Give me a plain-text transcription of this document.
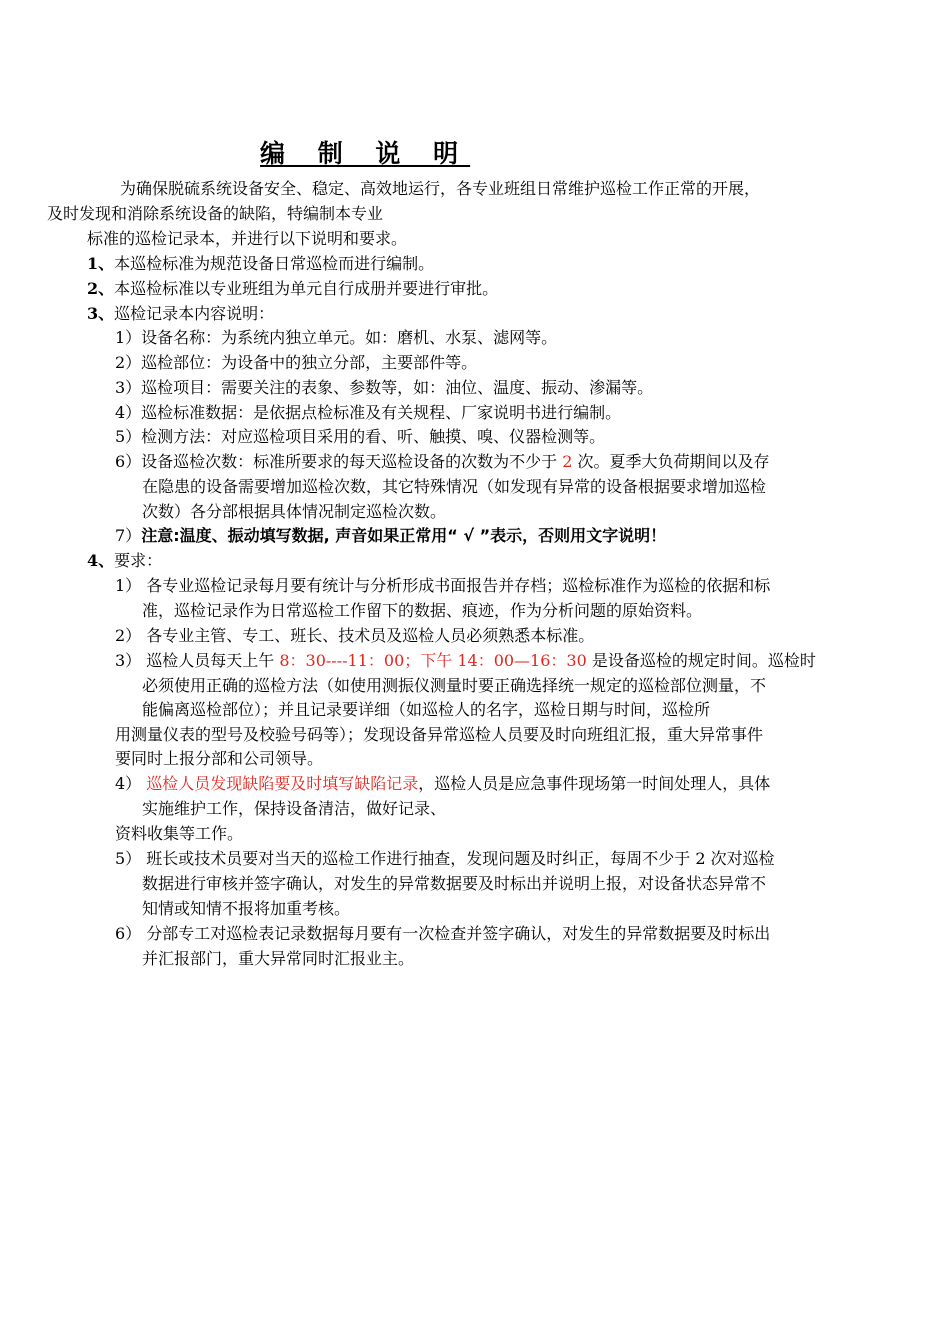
编 制 说 明
为确保脱硫系统设备安全、稳定、高效地运行，各专业班组日常维护巡检工作正常的开展，
及时发现和消除系统设备的缺陷，特编制本专业
标准的巡检记录本，并进行以下说明和要求。
1、本巡检标准为规范设备日常巡检而进行编制。
2、本巡检标准以专业班组为单元自行成册并要进行审批。
3、巡检记录本内容说明：
1）设备名称：为系统内独立单元。如：磨机、水泵、滤网等。
2）巡检部位：为设备中的独立分部，主要部件等。
3）巡检项目：需要关注的表象、参数等，如：油位、温度、振动、渗漏等。
4）巡检标准数据：是依据点检标准及有关规程、厂家说明书进行编制。
5）检测方法：对应巡检项目采用的看、听、触摸、嗅、仪器检测等。
6）设备巡检次数：标准所要求的每天巡检设备的次数为不少于 2 次。夏季大负荷期间以及存
在隐患的设备需要增加巡检次数，其它特殊情况（如发现有异常的设备根据要求增加巡检
次数）各分部根据具体情况制定巡检次数。
7）注意:温度、振动填写数据, 声音如果正常用“ √ ”表示，否则用文字说明！
4、要求：
1） 各专业巡检记录每月要有统计与分析形成书面报告并存档；巡检标准作为巡检的依据和标
准，巡检记录作为日常巡检工作留下的数据、痕迹，作为分析问题的原始资料。
2） 各专业主管、专工、班长、技术员及巡检人员必须熟悉本标准。
3） 巡检人员每天上午 8：30----11：00；下午 14：00—16：30 是设备巡检的规定时间。巡检时
必须使用正确的巡检方法（如使用测振仪测量时要正确选择统一规定的巡检部位测量，不
能偏离巡检部位）；并且记录要详细（如巡检人的名字，巡检日期与时间，巡检所
用测量仪表的型号及校验号码等）；发现设备异常巡检人员要及时向班组汇报，重大异常事件
要同时上报分部和公司领导。
4） 巡检人员发现缺陷要及时填写缺陷记录，巡检人员是应急事件现场第一时间处理人，具体
实施维护工作，保持设备清洁，做好记录、
资料收集等工作。
5） 班长或技术员要对当天的巡检工作进行抽查，发现问题及时纠正，每周不少于 2 次对巡检
数据进行审核并签字确认，对发生的异常数据要及时标出并说明上报，对设备状态异常不
知情或知情不报将加重考核。
6） 分部专工对巡检表记录数据每月要有一次检查并签字确认，对发生的异常数据要及时标出
并汇报部门，重大异常同时汇报业主。
